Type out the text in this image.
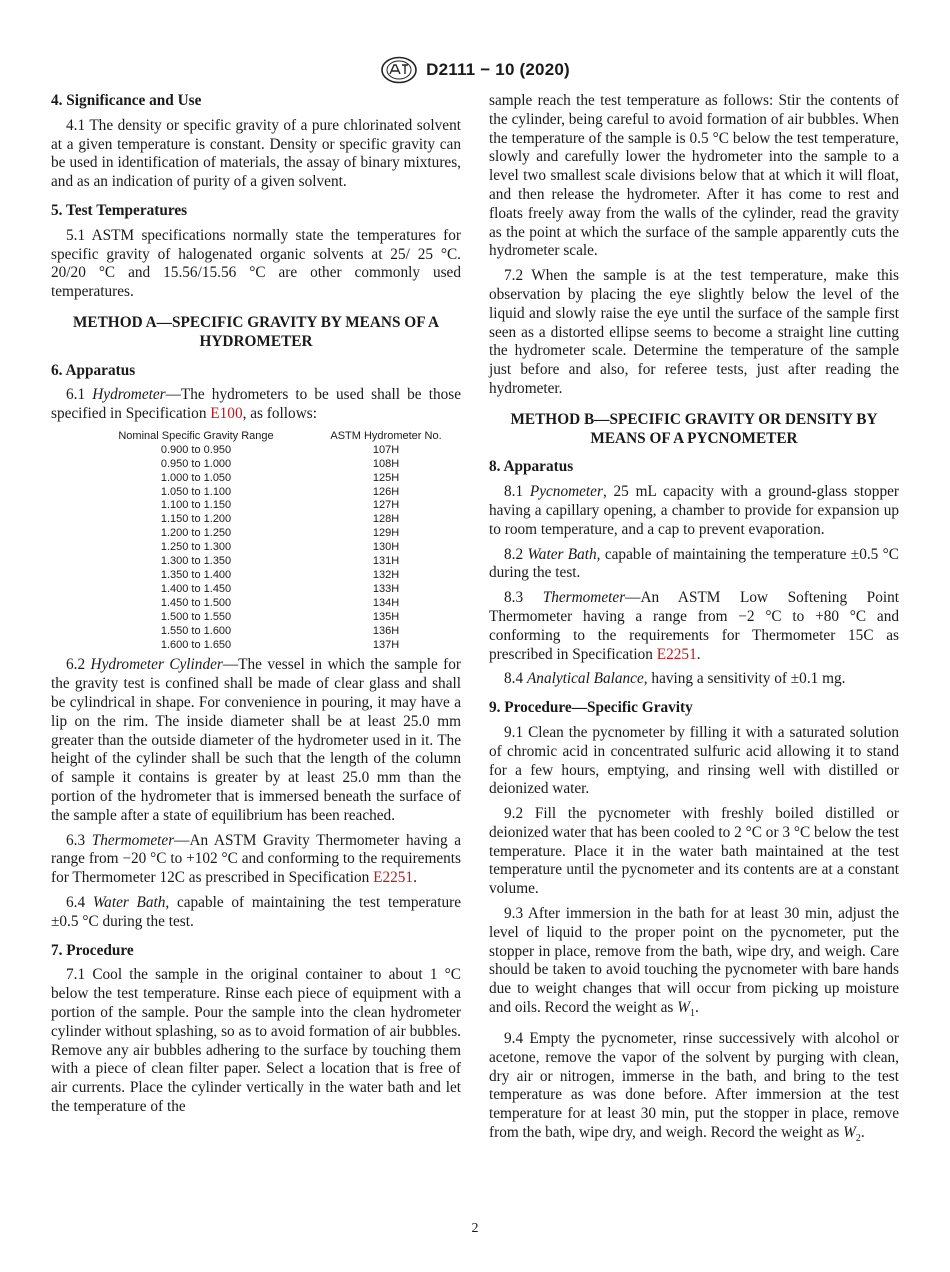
D2111 − 10 (2020)
4. Significance and Use

4.1 The density or specific gravity of a pure chlorinated solvent at a given temperature is constant. Density or specific gravity can be used in identification of materials, the assay of binary mixtures, and as an indication of purity of a given solvent.

5. Test Temperatures

5.1 ASTM specifications normally state the temperatures for specific gravity of halogenated organic solvents at 25/ 25 °C. 20/20 °C and 15.56/15.56 °C are other commonly used temperatures.

METHOD A—SPECIFIC GRAVITY BY MEANS OF A HYDROMETER
6. Apparatus

6.1 Hydrometer—The hydrometers to be used shall be those specified in Specification E100, as follows:

Nominal Specific Gravity Range	ASTM Hydrometer No.
0.900 to 0.950	107H
0.950 to 1.000	108H
1.000 to 1.050	125H
1.050 to 1.100	126H
1.100 to 1.150	127H
1.150 to 1.200	128H
1.200 to 1.250	129H
1.250 to 1.300	130H
1.300 to 1.350	131H
1.350 to 1.400	132H
1.400 to 1.450	133H
1.450 to 1.500	134H
1.500 to 1.550	135H
1.550 to 1.600	136H
1.600 to 1.650	137H

6.2 Hydrometer Cylinder—The vessel in which the sample for the gravity test is confined shall be made of clear glass and shall be cylindrical in shape. For convenience in pouring, it may have a lip on the rim. The inside diameter shall be at least 25.0 mm greater than the outside diameter of the hydrometer used in it. The height of the cylinder shall be such that the length of the column of sample it contains is greater by at least 25.0 mm than the portion of the hydrometer that is immersed beneath the surface of the sample after a state of equilibrium has been reached.

6.3 Thermometer—An ASTM Gravity Thermometer having a range from −20 °C to +102 °C and conforming to the requirements for Thermometer 12C as prescribed in Specification E2251.

6.4 Water Bath, capable of maintaining the test temperature ±0.5 °C during the test.

7. Procedure

7.1 Cool the sample in the original container to about 1 °C below the test temperature. Rinse each piece of equipment with a portion of the sample. Pour the sample into the clean hydrometer cylinder without splashing, so as to avoid formation of air bubbles. Remove any air bubbles adhering to the surface by touching them with a piece of clean filter paper. Select a location that is free of air currents. Place the cylinder vertically in the water bath and let the temperature of the

sample reach the test temperature as follows: Stir the contents of the cylinder, being careful to avoid formation of air bubbles. When the temperature of the sample is 0.5 °C below the test temperature, slowly and carefully lower the hydrometer into the sample to a level two smallest scale divisions below that at which it will float, and then release the hydrometer. After it has come to rest and floats freely away from the walls of the cylinder, read the gravity as the point at which the surface of the sample apparently cuts the hydrometer scale.

7.2 When the sample is at the test temperature, make this observation by placing the eye slightly below the level of the liquid and slowly raise the eye until the surface of the sample first seen as a distorted ellipse seems to become a straight line cutting the hydrometer scale. Determine the temperature of the sample just before and also, for referee tests, just after reading the hydrometer.

METHOD B—SPECIFIC GRAVITY OR DENSITY BY MEANS OF A PYCNOMETER
8. Apparatus

8.1 Pycnometer, 25 mL capacity with a ground-glass stopper having a capillary opening, a chamber to provide for expansion up to room temperature, and a cap to prevent evaporation.

8.2 Water Bath, capable of maintaining the temperature ±0.5 °C during the test.

8.3 Thermometer—An ASTM Low Softening Point Thermometer having a range from −2 °C to +80 °C and conforming to the requirements for Thermometer 15C as prescribed in Specification E2251.

8.4 Analytical Balance, having a sensitivity of ±0.1 mg.

9. Procedure—Specific Gravity

9.1 Clean the pycnometer by filling it with a saturated solution of chromic acid in concentrated sulfuric acid allowing it to stand for a few hours, emptying, and rinsing well with distilled or deionized water.

9.2 Fill the pycnometer with freshly boiled distilled or deionized water that has been cooled to 2 °C or 3 °C below the test temperature. Place it in the water bath maintained at the test temperature until the pycnometer and its contents are at a constant volume.

9.3 After immersion in the bath for at least 30 min, adjust the level of liquid to the proper point on the pycnometer, put the stopper in place, remove from the bath, wipe dry, and weigh. Care should be taken to avoid touching the pycnometer with bare hands due to weight changes that will occur from picking up moisture and oils. Record the weight as $W_1$.

9.4 Empty the pycnometer, rinse successively with alcohol or acetone, remove the vapor of the solvent by purging with clean, dry air or nitrogen, immerse in the bath, and bring to the test temperature as was done before. After immersion at the test temperature for at least 30 min, put the stopper in place, remove from the bath, wipe dry, and weigh. Record the weight as $W_2$.

2
